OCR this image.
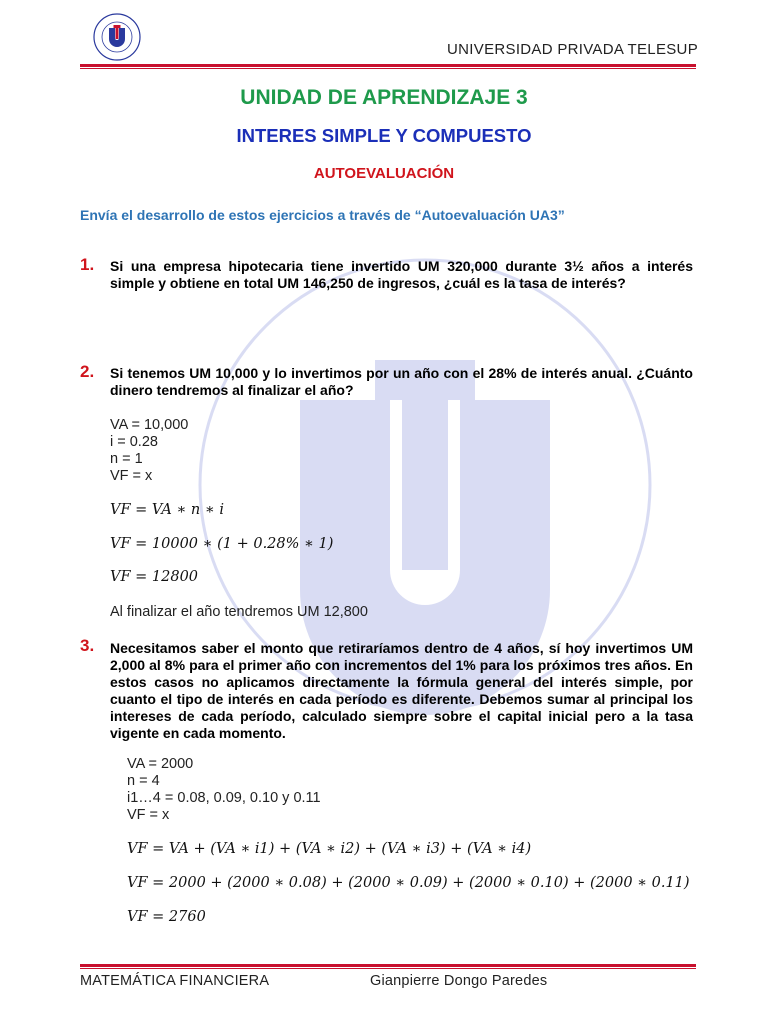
UNIVERSIDAD PRIVADA TELESUP
UNIDAD DE APRENDIZAJE 3
INTERES SIMPLE Y COMPUESTO
AUTOEVALUACIÓN
Envía el desarrollo de estos ejercicios a través de “Autoevaluación UA3”
1. Si una empresa hipotecaria tiene invertido UM 320,000 durante 3½ años a interés simple y obtiene en total UM 146,250 de ingresos, ¿cuál es la tasa de interés?
2. Si tenemos UM 10,000 y lo invertimos por un año con el 28% de interés anual. ¿Cuánto dinero tendremos al finalizar el año?
VA = 10,000
i = 0.28
n = 1
VF = x
VF = VA ∗ n ∗ i
VF = 10000 ∗ (1 + 0.28% ∗ 1)
VF = 12800
Al finalizar el año tendremos UM 12,800
3. Necesitamos saber el monto que retiraríamos dentro de 4 años, sí hoy invertimos UM 2,000 al 8% para el primer año con incrementos del 1% para los próximos tres años. En estos casos no aplicamos directamente la fórmula general del interés simple, por cuanto el tipo de interés en cada período es diferente. Debemos sumar al principal los intereses de cada período, calculado siempre sobre el capital inicial pero a la tasa vigente en cada momento.
VA = 2000
n = 4
i1…4 = 0.08, 0.09, 0.10 y 0.11
VF = x
VF = VA + (VA ∗ i1) + (VA ∗ i2) + (VA ∗ i3) + (VA ∗ i4)
VF = 2000 + (2000 ∗ 0.08) + (2000 ∗ 0.09) + (2000 ∗ 0.10) + (2000 ∗ 0.11)
VF = 2760
MATEMÁTICA FINANCIERA	Gianpierre Dongo Paredes
